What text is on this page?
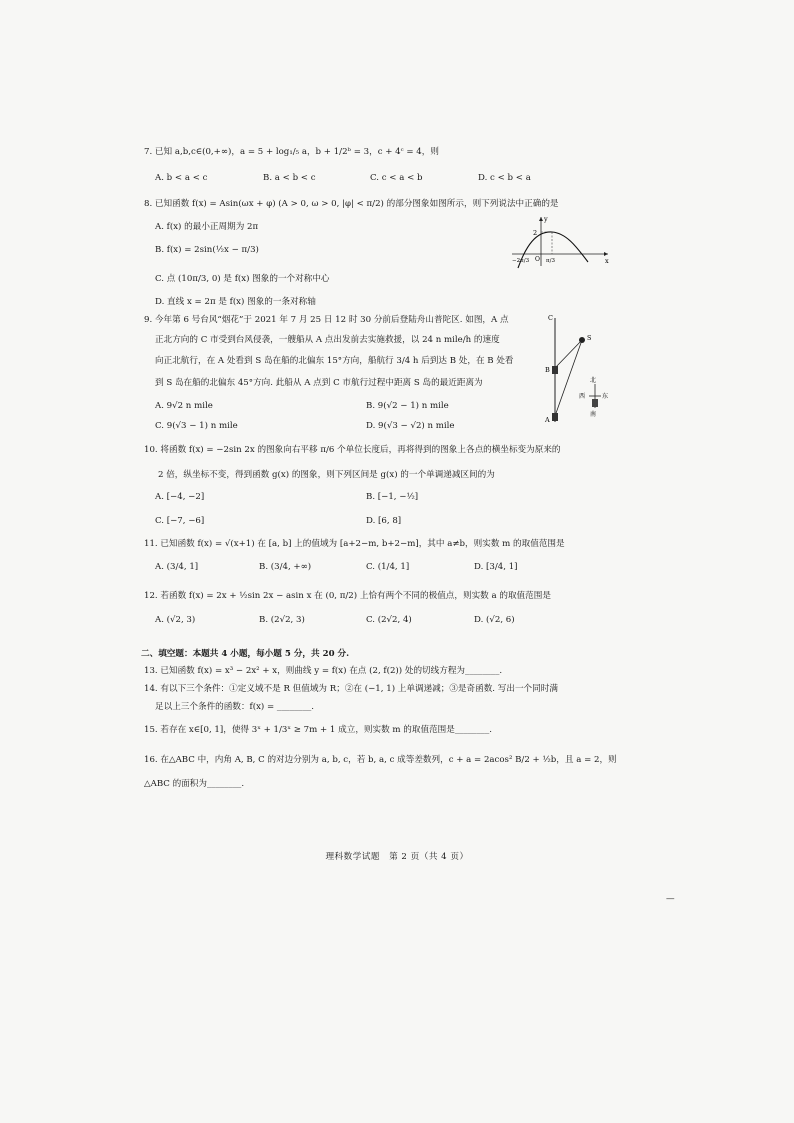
7. 已知 a,b,c∈(0,+∞)，a = 5 + log₁/₅ a，b + 1/2ᵇ = 3，c + 4ᶜ = 4，则
A. b < a < c	B. a < b < c	C. c < a < b	D. c < b < a
8. 已知函数 f(x) = Asin(ωx + φ) (A > 0, ω > 0, |φ| < π/2) 的部分图象如图所示，则下列说法中正确的是
A. f(x) 的最小正周期为 2π
B. f(x) = 2sin(½x − π/3)
C. 点 (10π/3, 0) 是 f(x) 图象的一个对称中心
D. 直线 x = 2π 是 f(x) 图象的一条对称轴
y
x
2
O
−2π/3	π/3
9. 今年第 6 号台风“烟花”于 2021 年 7 月 25 日 12 时 30 分前后登陆舟山普陀区. 如图，A 点
正北方向的 C 市受到台风侵袭，一艘船从 A 点出发前去实施救援，以 24 n mile/h 的速度
向正北航行，在 A 处看到 S 岛在船的北偏东 15°方向，船航行 3/4 h 后到达 B 处，在 B 处看
到 S 岛在船的北偏东 45°方向. 此船从 A 点到 C 市航行过程中距离 S 岛的最近距离为
A. 9√2 n mile	B. 9(√2 − 1) n mile
C. 9(√3 − 1) n mile	D. 9(√3 − √2) n mile
C
S
B
A
北
西	东
南
10. 将函数 f(x) = −2sin 2x 的图象向右平移 π/6 个单位长度后，再将得到的图象上各点的横坐标变为原来的
2 倍，纵坐标不变，得到函数 g(x) 的图象，则下列区间是 g(x) 的一个单调递减区间的为
A. [−4, −2]	B. [−1, −½]
C. [−7, −6]	D. [6, 8]
11. 已知函数 f(x) = √(x+1) 在 [a, b] 上的值域为 [a+2−m, b+2−m]，其中 a≠b，则实数 m 的取值范围是
A. (3/4, 1]	B. (3/4, +∞)	C. (1/4, 1]	D. [3/4, 1]
12. 若函数 f(x) = 2x + ½sin 2x − asin x 在 (0, π/2) 上恰有两个不同的极值点，则实数 a 的取值范围是
A. (√2, 3)	B. (2√2, 3)	C. (2√2, 4)	D. (√2, 6)
二、填空题：本题共 4 小题，每小题 5 分，共 20 分.
13. 已知函数 f(x) = x³ − 2x² + x，则曲线 y = f(x) 在点 (2, f(2)) 处的切线方程为________.
14. 有以下三个条件：①定义域不是 R 但值域为 R；②在 (−1, 1) 上单调递减；③是奇函数. 写出一个同时满
足以上三个条件的函数：f(x) = ________.
15. 若存在 x∈[0, 1]，使得 3ˣ + 1/3ˣ ≥ 7m + 1 成立，则实数 m 的取值范围是________.
16. 在△ABC 中，内角 A, B, C 的对边分别为 a, b, c，若 b, a, c 成等差数列，c + a = 2acos² B/2 + ½b，且 a = 2，则
△ABC 的面积为________.
理科数学试题　第 2 页（共 4 页）
—
